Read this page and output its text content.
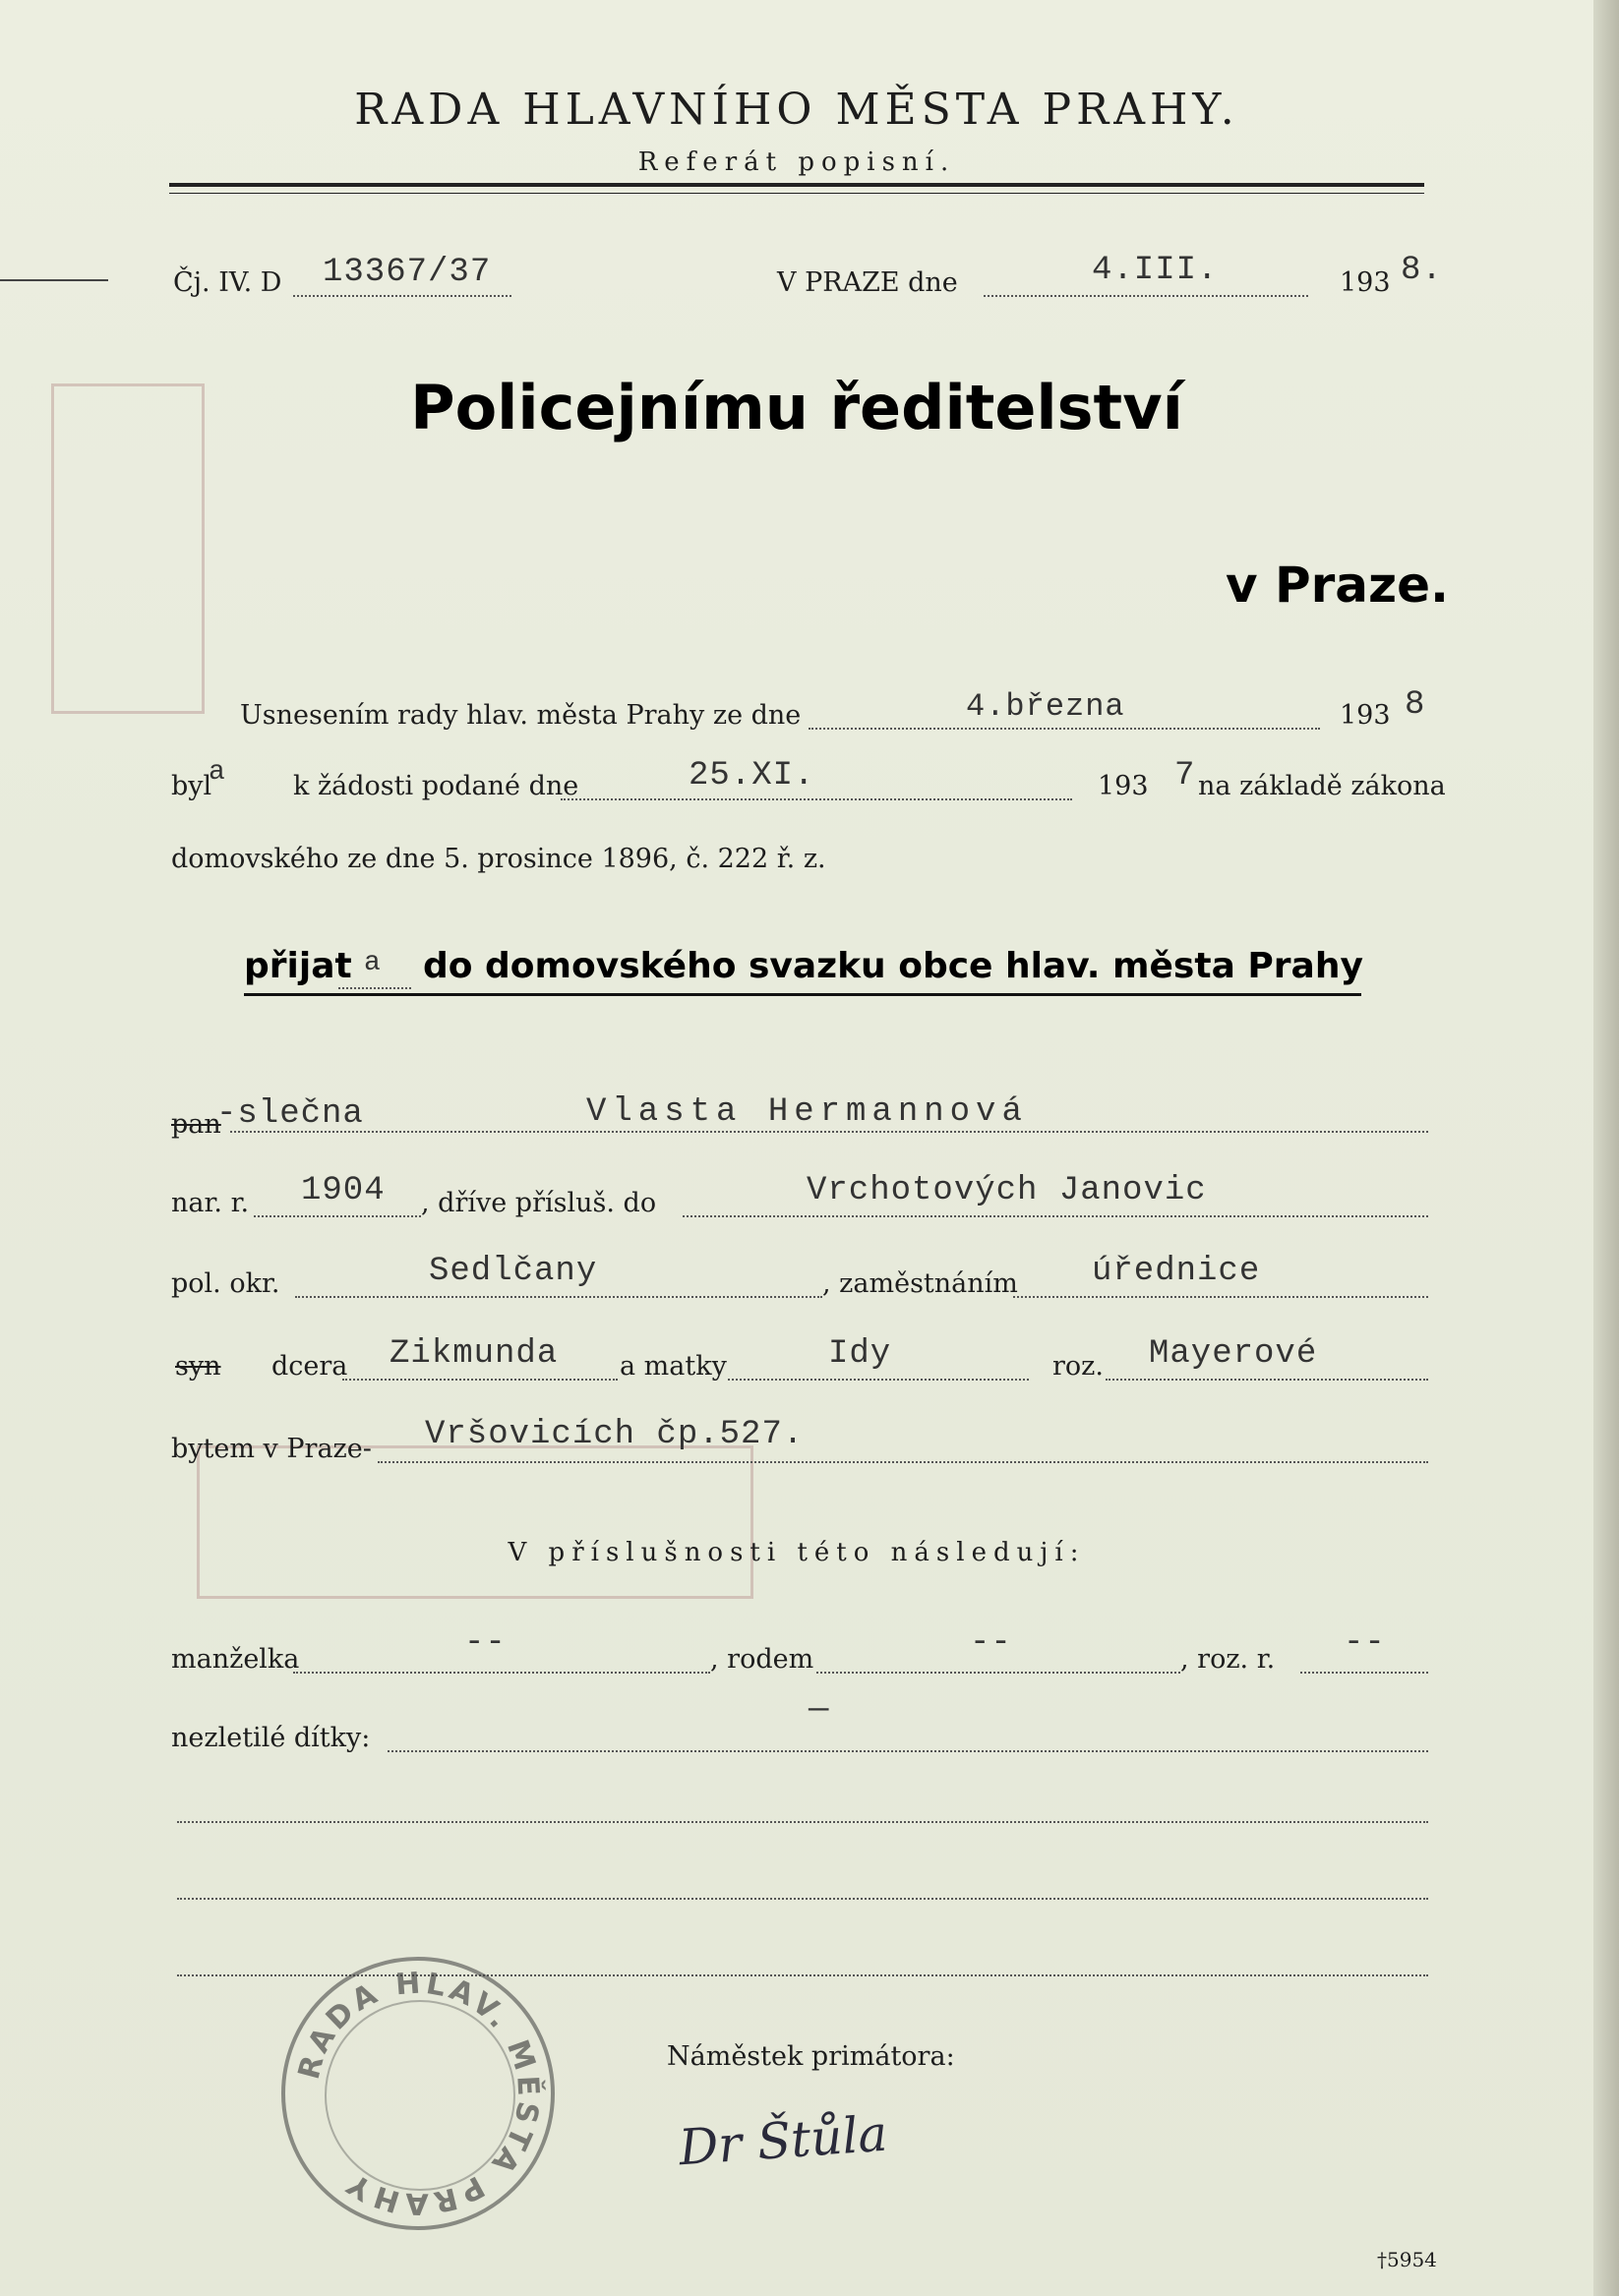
RADA HLAVNÍHO MĚSTA PRAHY.
Referát popisní.
Čj. IV. D 13367/37	V PRAZE dne	4.III.	193 8.
Policejnímu ředitelství
v Praze.
Usnesením rady hlav. města Prahy ze dne	4.března	193 8
byl
a	k žádosti podané dne	25.XI.	193 7 na základě zákona
domovského ze dne 5. prosince 1896, č. 222 ř. z.
přijat a do domovského svazku obce hlav. města Prahy
pan
-slečna	Vlasta Hermannová
nar. r. 1904 , dříve přísluš. do	Vrchotových Janovic
pol. okr.	Sedlčany	, zaměstnáním úřednice
syn dcera Zikmunda a matky	Idy	roz. Mayerové
bytem v Praze- Vršovicích čp.527.
V příslušnosti této následují:
manželka	--	, rodem	--	, roz. r. --
nezletilé dítky:
—
RADA HLAV. MĚSTA PRAHY
Náměstek primátora:
Dr Štůla
†5954
